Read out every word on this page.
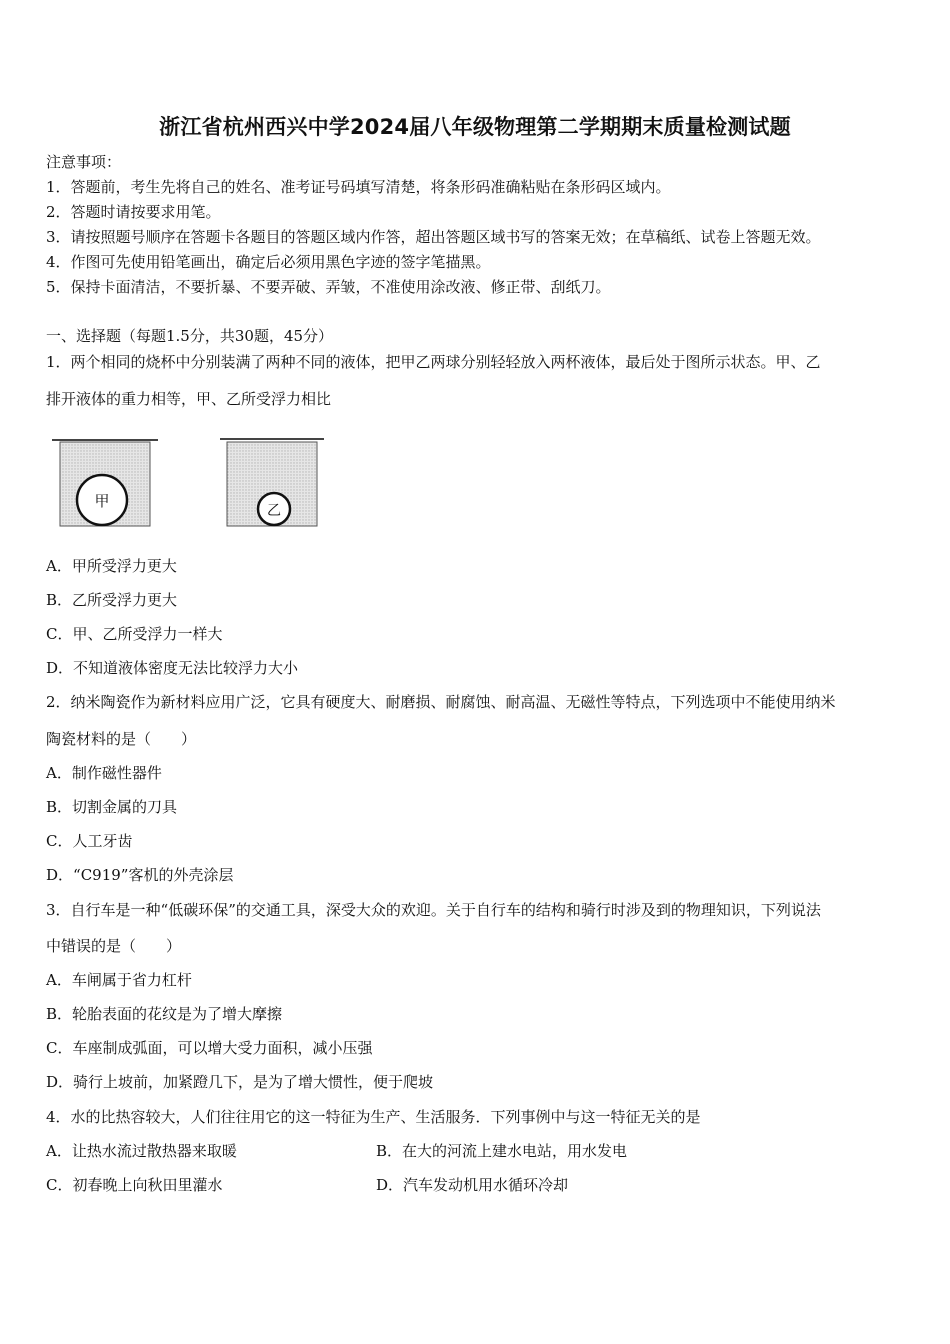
浙江省杭州西兴中学2024届八年级物理第二学期期末质量检测试题
注意事项：
1．答题前，考生先将自己的姓名、准考证号码填写清楚，将条形码准确粘贴在条形码区域内。
2．答题时请按要求用笔。
3．请按照题号顺序在答题卡各题目的答题区域内作答，超出答题区域书写的答案无效；在草稿纸、试卷上答题无效。
4．作图可先使用铅笔画出，确定后必须用黑色字迹的签字笔描黑。
5．保持卡面清洁，不要折暴、不要弄破、弄皱，不准使用涂改液、修正带、刮纸刀。
一、选择题（每题1.5分，共30题，45分）
1．两个相同的烧杯中分别装满了两种不同的液体，把甲乙两球分别轻轻放入两杯液体，最后处于图所示状态。甲、乙
排开液体的重力相等，甲、乙所受浮力相比
甲
乙
A．甲所受浮力更大
B．乙所受浮力更大
C．甲、乙所受浮力一样大
D．不知道液体密度无法比较浮力大小
2．纳米陶瓷作为新材料应用广泛，它具有硬度大、耐磨损、耐腐蚀、耐高温、无磁性等特点，下列选项中不能使用纳米
陶瓷材料的是（　　）
A．制作磁性器件
B．切割金属的刀具
C．人工牙齿
D．“C919”客机的外壳涂层
3．自行车是一种“低碳环保”的交通工具，深受大众的欢迎。关于自行车的结构和骑行时涉及到的物理知识，下列说法
中错误的是（　　）
A．车闸属于省力杠杆
B．轮胎表面的花纹是为了增大摩擦
C．车座制成弧面，可以增大受力面积，减小压强
D．骑行上坡前，加紧蹬几下，是为了增大惯性，便于爬坡
4．水的比热容较大，人们往往用它的这一特征为生产、生活服务．下列事例中与这一特征无关的是
A．让热水流过散热器来取暖	B．在大的河流上建水电站，用水发电
C．初春晚上向秋田里灌水	D．汽车发动机用水循环冷却
